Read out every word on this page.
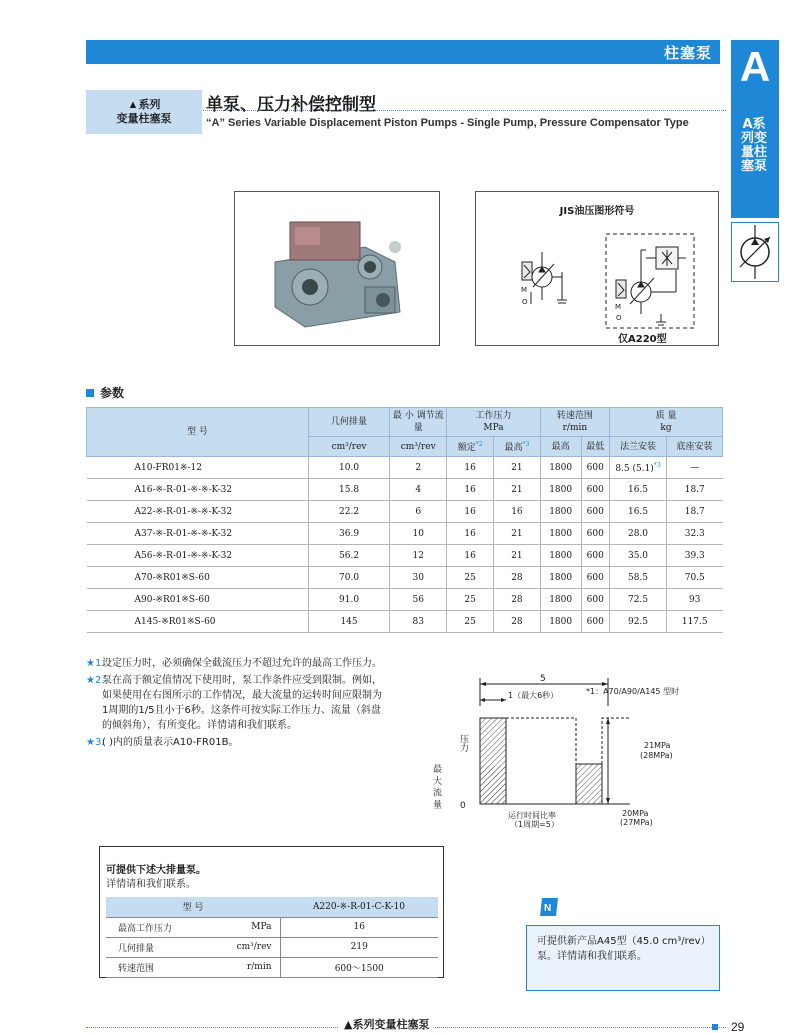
柱塞泵 A
A系列变量柱塞泵
▲系列
变量柱塞泵
单泵、压力补偿控制型
“A” Series Variable Displacement Piston Pumps - Single Pump, Pressure Compensator Type
JIS油压图形符号
M
O
M
O
仅A220型
参数
型 号	几何排量	最 小 调节流量	工作压力
MPa		转速范围
r/min		质 量
kg	
			额定$^{*2}$	最高$^{*3}$	最高	最低	法兰安装	底座安装
	cm³/rev	cm³/rev						
A10-FR01※-12	10.0	2	16	21	1800	600	8.5 $(5.1)^{*3}$	—
A16-※-R-01-※-※-K-32	15.8	4	16	21	1800	600	16.5	18.7
A22-※-R-01-※-※-K-32	22.2	6	16	16	1800	600	16.5	18.7
A37-※-R-01-※-※-K-32	36.9	10	16	21	1800	600	28.0	32.3
A56-※-R-01-※-※-K-32	56.2	12	16	21	1800	600	35.0	39.3
A70-※R01※S-60	70.0	30	25	28	1800	600	58.5	70.5
A90-※R01※S-60	91.0	56	25	28	1800	600	72.5	93
A145-※R01※S-60	145	83	25	28	1800	600	92.5	117.5
★1.
设定压力时，必须确保全截流压力不超过允许的最高工作压力。
★2.
泵在高于额定值情况下使用时，泵工作条件应受到限制。例如，如果使用在右图所示的工作情况，最大流量的运转时间应限制为1周期的1/5且小于6秒。这条件可按实际工作压力、流量（斜盘的倾斜角），有所变化。详情请和我们联系。
★3.
( )内的质量表示A10-FR01B。
5
1（最大6秒）	*1：A70/A90/A145 型时
0
压力
最 大 流 量
21MPa
(28MPa)
20MPa
(27MPa)
运行时间比率
（1周期=5）
可提供下述大排量泵。
详情请和我们联系。
型 号		A220-※-R-01-C-K-10
最高工作压力	MPa	16
几何排量	cm³/rev	219
转速范围	r/min	600～1500
N
可提供新产品A45型（45.0 cm³/rev）泵。详情请和我们联系。
▲系列变量柱塞泵	29
